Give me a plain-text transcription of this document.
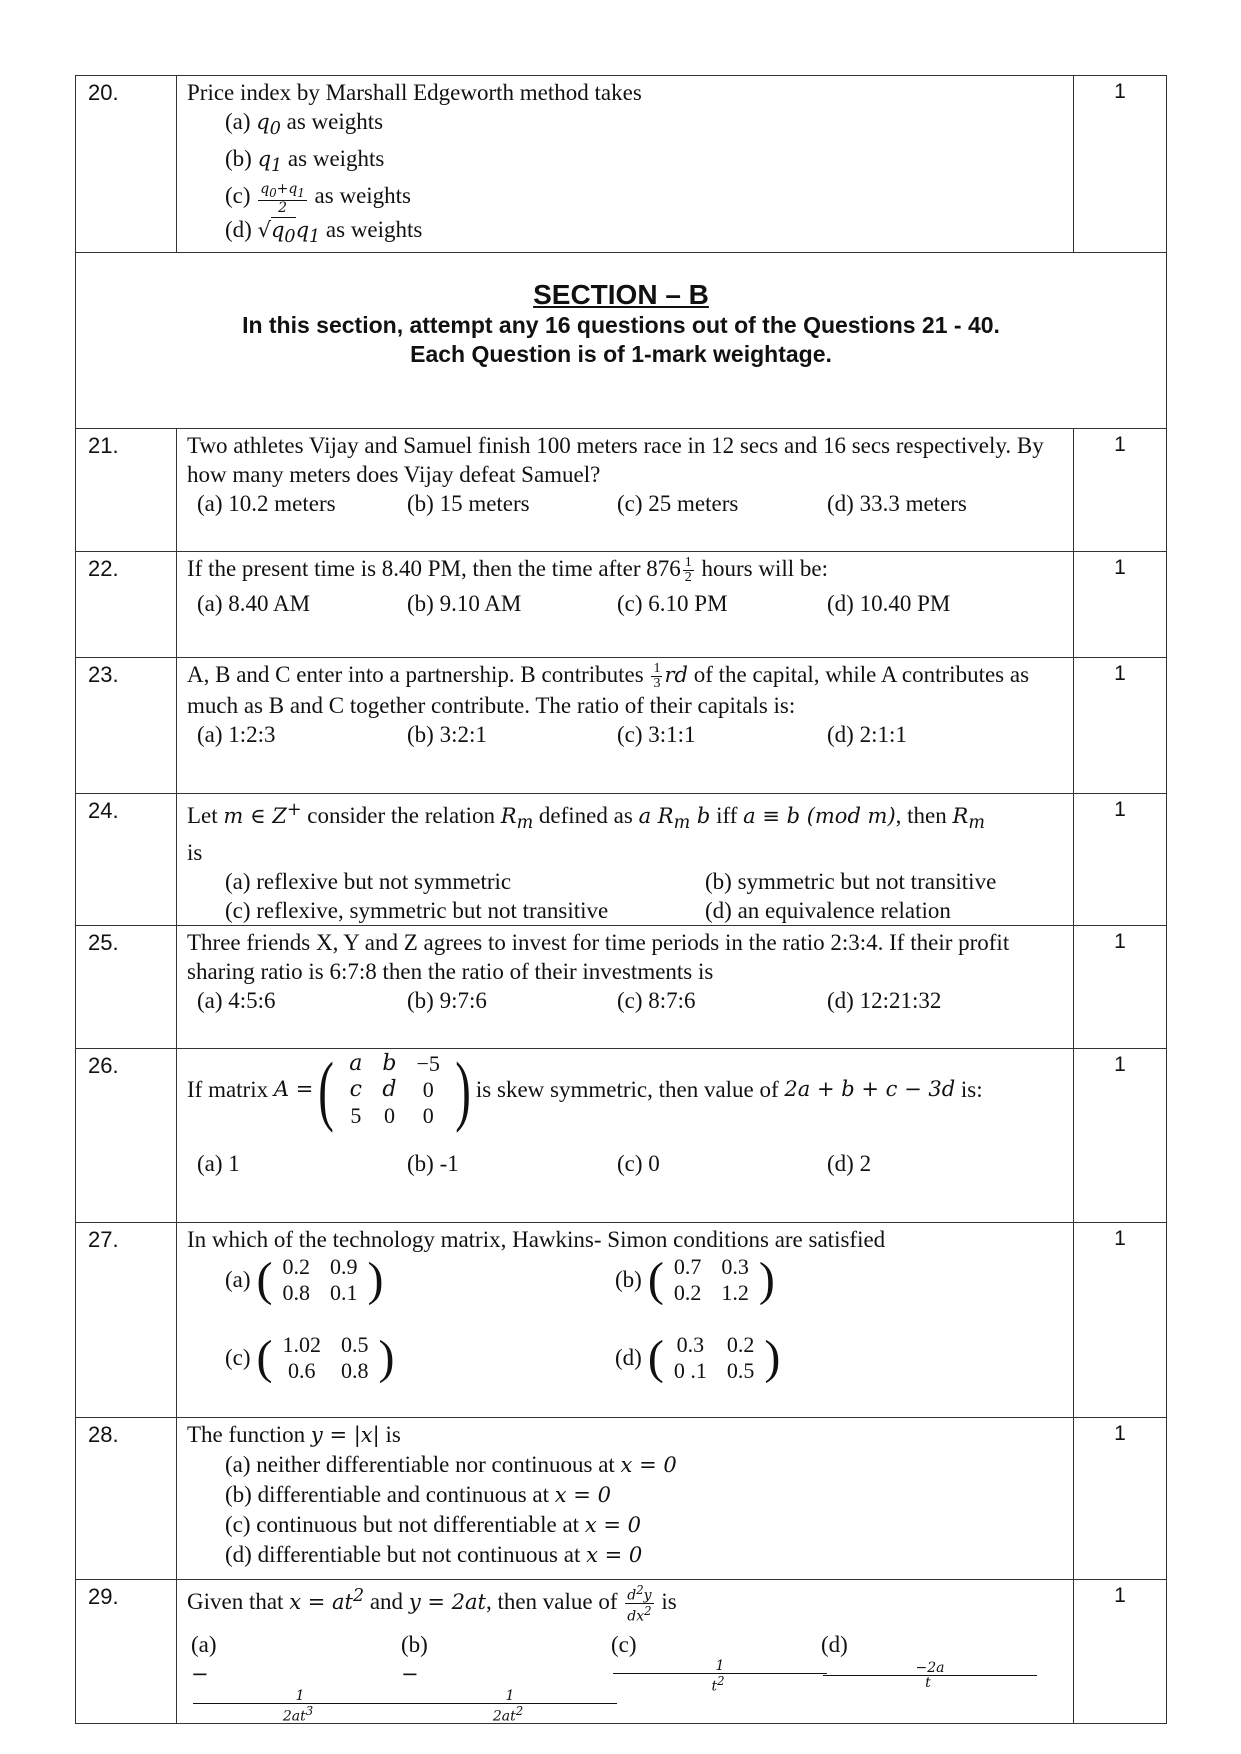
20.	Price index by Marshall Edgeworth method takes
(a) $q_0$ as weights
(b) $q_1$ as weights
$(c) \frac{q_0+q_1}{2}$ as weights
(d) $√q_0q_1$ as weights
	1

SECTION – B
In this section, attempt any 16 questions out of the Questions 21 - 40.
Each Question is of 1-mark weightage.

21.	Two athletes Vijay and Samuel finish 100 meters race in 12 secs and 16 secs respectively. By how many meters does Vijay defeat Samuel?
(a) 10.2 meters	(b) 15 meters	(c) 25 meters	(d) 33.3 meters
	1
22.	If the present time is 8.40 PM, then the time after $876 \frac{1}{2}$ hours will be:
(a) 8.40 AM	(b) 9.10 AM	(c) 6.10 PM	(d) 10.40 PM
	1
23.	A, B and C enter into a partnership. B contributes $\frac{1}{3}$ rd of the capital, while A contributes as much as B and C together contribute. The ratio of their capitals is:
(a) 1:2:3	(b) 3:2:1	(c) 3:1:1	(d) 2:1:1
	1
24.	Let m ∈ Z+ consider the relation $R_m$ defined as a $R_m$ b iff a ≡ b (mod m), then $R_m$
is
(a) reflexive but not symmetric	(b) symmetric but not transitive
(c) reflexive, symmetric but not transitive	(d) an equivalence relation
	1
25.	Three friends X, Y and Z agrees to invest for time periods in the ratio 2:3:4. If their profit sharing ratio is 6:7:8 then the ratio of their investments is
(a) 4:5:6	(b) 9:7:6	(c) 8:7:6	(d) 12:21:32
	1
26.	
If matrix
A = ( a	b	−5
c	d	0
5	0	0 ) is skew symmetric, then value of
2a + b + c − 3d
is:
(a) 1	(b) -1	(c) 0	(d) 2
	1
27.	In which of the technology matrix, Hawkins- Simon conditions are satisfied
(a) ( 0.2	0.9
0.8	0.1 )	(b) ( 0.7	0.3
0.2	1.2 )
(c) ( 1.02	0.5
0.6	0.8 )	(d) ( 0.3	0.2
0 .1	0.5 )
	1
28.	The function y = |x| is
(a) neither differentiable nor continuous at x = 0
(b) differentiable and continuous at x = 0
(c) continuous but not differentiable at x = 0
(d) differentiable but not continuous at x = 0
	1
29.	Given that $x = at^2$ and y = 2at, then value of $\frac{d^2y}{dx^2}$ is
$(a) -\frac{1}{2at^3}$
$(b)-\frac{1}{2at^2}$
$(c) \frac{1}{t^2}$
$(d)\frac{-2a}{t}$
	1
